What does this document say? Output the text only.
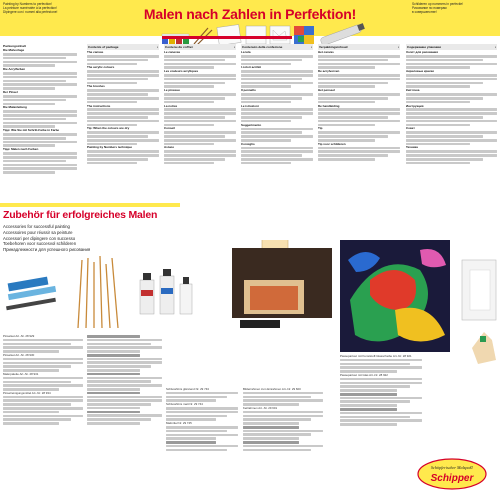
Painting by Numbers to perfection!
La peinture numérotée à la perfection!
Dipingere con i numeri alla perfezione!	Malen nach Zahlen in Perfektion!
Schilderen op nummers in perfectie!
Рисование по номерам
в совершенстве!
Packungsinhalt
Die Malvorlage
Die Acrylfarben
Der Pinsel
Die Malanleitung
Tipp: Wie Sie mit Schritt-Farbe in Farbe
Tipp: Malen nach Farben
Contents of package	▪
The canvas
The acrylic colours
The brushes
The instructions
Tip: When the colours are dry
Painting by Numbers technique
Contenu du coffret	▪
Le canevas
Les couleurs acryliques
Le pinceau
La notice
Conseil
Astuce
Contenuto della confezione	▪
La tela
I colori acrilici
Il pennello
Le istruzioni
Suggerimento
Consiglio
Verpakkingsinhoud	▪
Het canvas
De acrylverven
Het penseel
De handleiding
Tip
Tip voor schilderen
Содержание упаковки	▪
Холст для рисования
Акриловые краски
Кисточка
Инструкция
Совет
Техника
Zubehör für erfolgreiches Malen
Accessories for successful painting
Accessoires pour réussir sa peinture
Accessori per dipingere con successo
Toebehoren voor succesvol schilderen
Принадлежности для успешного рисования
Pinselset Art.-Nr. 28 929
Pinselset Art.-Nr. 28 930
Malerpalette Art.-Nr. 28 931
Pinselreinigungsmittel Art.-Nr. 28 934
Schlussfirnis glänzend Nr. 29 743
Schlussfirnis matt Nr. 29 744
Malmittel Nr. 29 745
Bilderrahmen zum Einrahmen Art.-Nr. 29 600
Keilrahmen Art.-Nr. 29 601
Passepartout mit Kunststoff-Glasscheibe Art.-Nr. 28 921
Passepartout mit Glas Art.-Nr. 28 922
Schöpferischer Malspaß!
Schipper
